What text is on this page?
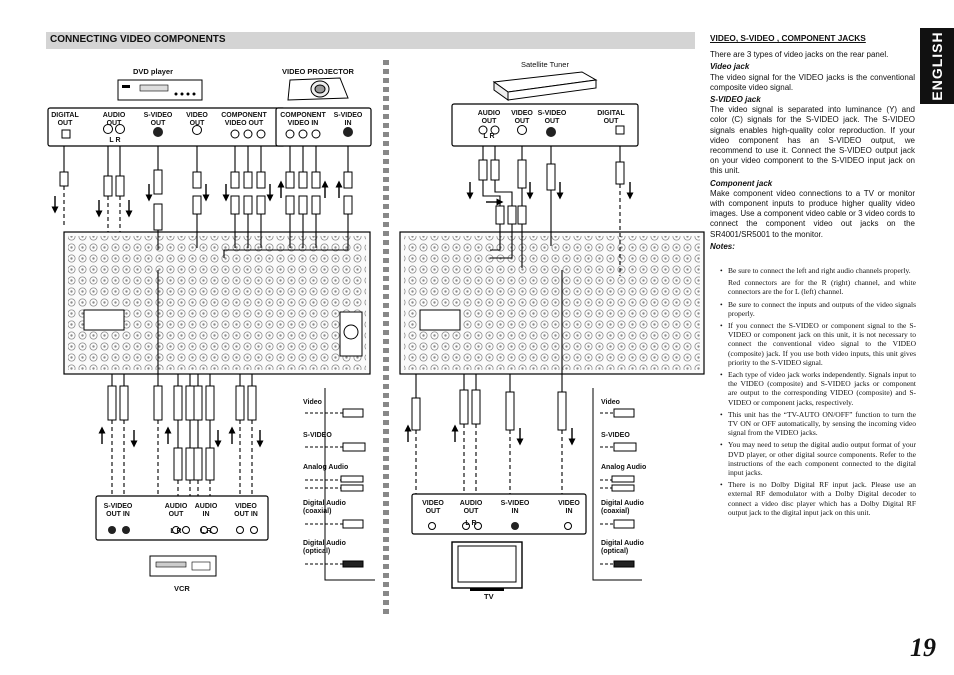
CONNECTING VIDEO COMPONENTS	ENGLISH
DVD player	VIDEO PROJECTOR
DIGITAL
OUT
AUDIO
OUT
L R
S-VIDEO
OUT
VIDEO
OUT
COMPONENT
VIDEO OUT
COMPONENT
VIDEO IN
S-VIDEO
IN
S-VIDEO
OUT IN
AUDIO
OUT
AUDIO
IN
VIDEO
OUT IN
L R	L R
VCR
Video
S-VIDEO
Analog Audio
Digital Audio
(coaxial)
Digital Audio
(optical)
Satellite Tuner
AUDIO
OUT
L R
VIDEO
OUT
S-VIDEO
OUT
DIGITAL
OUT
VIDEO
OUT
AUDIO
OUT
L R
S-VIDEO
IN
VIDEO
IN
TV
Video
S-VIDEO
Analog Audio
Digital Audio
(coaxial)
Digital Audio
(optical)

VIDEO, S-VIDEO , COMPONENT JACKS

There are 3 types of video jacks on the rear panel.

Video jack

The video signal for the VIDEO jacks is the conventional composite video signal.

S-VIDEO jack

The video signal is separated into luminance (Y) and color (C) signals for the S-VIDEO jack. The S-VIDEO signals enables high-quality color reproduction. If your video component has an S-VIDEO output, we recommend to use it. Connect the S-VIDEO output jack on your video component to the S-VIDEO input jack on this unit.

Component jack

Make component video connections to a TV or monitor with component inputs to produce higher quality video images. Use a component video cable or 3 video cords to connect the component video out jacks on the SR4001/SR5001 to the monitor.

Notes:

• Be sure to connect the left and right audio channels properly.
Red connectors are for the R (right) channel, and white connectors are the for L (left) channel.
• Be sure to connect the inputs and outputs of the video signals properly.
• If you connect the S-VIDEO or component signal to the S-VIDEO or component jack on this unit, it is not necessary to connect the conventional video signal to the VIDEO (composite) jack. If you use both video inputs, this unit gives priority to the S-VIDEO signal.
• Each type of video jack works independently. Signals input to the VIDEO (composite) and S-VIDEO jacks or component are output to the corresponding VIDEO (composite) and S-VIDEO or component jacks, respectively.
• This unit has the “TV-AUTO ON/OFF” function to turn the TV ON or OFF automatically, by sensing the incoming video signal from the VIDEO jacks.
• You may need to setup the digital audio output format of your DVD player, or other digital source components. Refer to the instructions of the each component connected to the digital input jacks.
• There is no Dolby Digital RF input jack. Please use an external RF demodulator with a Dolby Digital decoder to connect a video disc player which has a Dolby Digital RF output jack to the digital input jack on this unit.
19
